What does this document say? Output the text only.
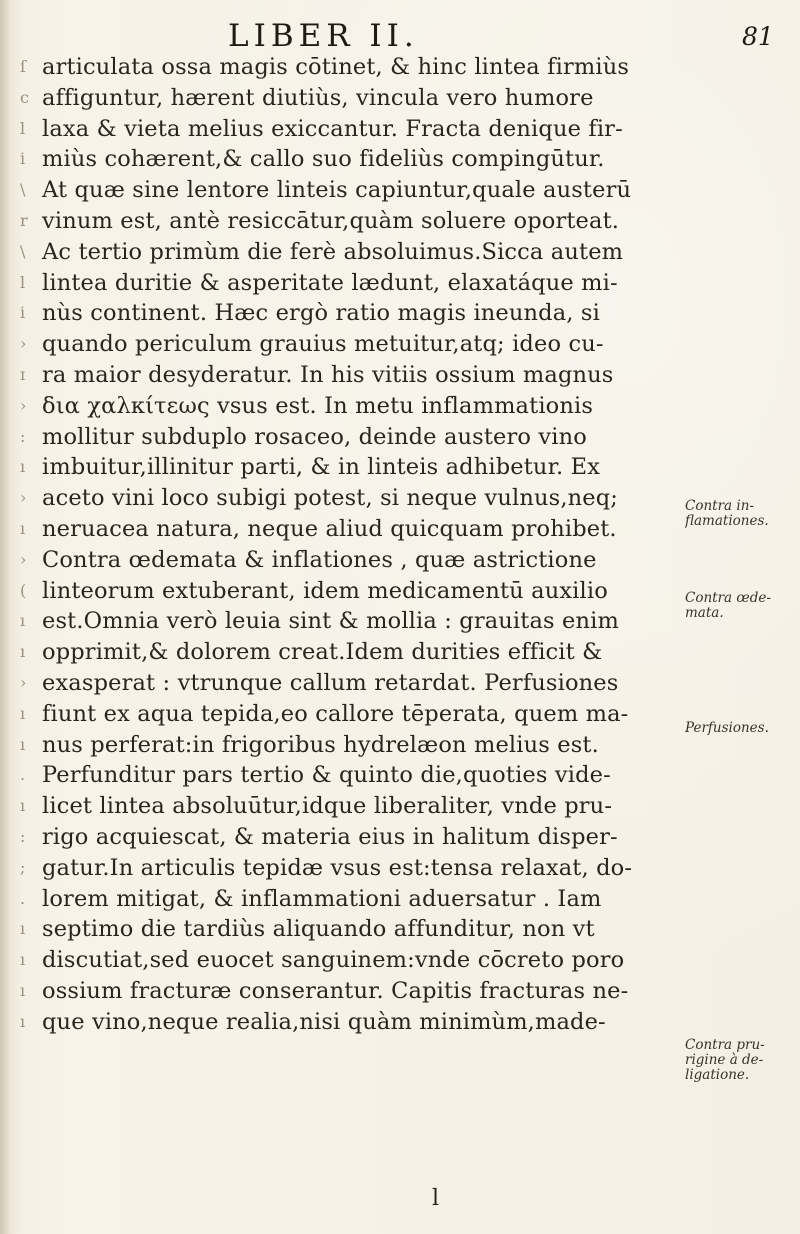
LIBER II.	81
ſ articulata ossa magis cōtinet, & hinc lintea firmiùs
c affiguntur, hærent diutiùs, vincula vero humore
l laxa & vieta melius exiccantur. Fracta denique fir-
i miùs cohærent,& callo suo fideliùs compingūtur.
\ At quæ sine lentore linteis capiuntur,quale austerū
r vinum est, antè resiccātur,quàm soluere oporteat.
\ Ac tertio primùm die ferè absoluimus.Sicca autem
l lintea duritie & asperitate lædunt, elaxatáque mi-
i nùs continent. Hæc ergò ratio magis ineunda, si
› quando periculum grauius metuitur,atq; ideo cu-
ɪ ra maior desyderatur. In his vitiis ossium magnus
› δια χαλκίτεως vsus est. In metu inflammationis
: mollitur subduplo rosaceo, deinde austero vino
ı imbuitur,illinitur parti, & in linteis adhibetur. Ex
› aceto vini loco subigi potest, si neque vulnus,neq;
ı neruacea natura, neque aliud quicquam prohibet.
› Contra œdemata & inflationes , quæ astrictione
( linteorum extuberant, idem medicamentū auxilio
ı est.Omnia verò leuia sint & mollia : grauitas enim
ı opprimit,& dolorem creat.Idem durities efficit &
› exasperat : vtrunque callum retardat. Perfusiones
ı fiunt ex aqua tepida,eo callore tēperata, quem ma-
ı nus perferat:in frigoribus hydrelæon melius est.
. Perfunditur pars tertio & quinto die,quoties vide-
ı licet lintea absoluūtur,idque liberaliter, vnde pru-
: rigo acquiescat, & materia eius in halitum disper-
; gatur.In articulis tepidæ vsus est:tensa relaxat, do-
. lorem mitigat, & inflammationi aduersatur . Iam
ı septimo die tardiùs aliquando affunditur, non vt
ı discutiat,sed euocet sanguinem:vnde cōcreto poro
ı ossium fracturæ conserantur. Capitis fracturas ne-
ı que vino,neque realia,nisi quàm minimùm,made-
Contra in-
flamationes.
Contra œde-
mata.
Perfusiones.
Contra pru-
rigine à de-
ligatione.
l
